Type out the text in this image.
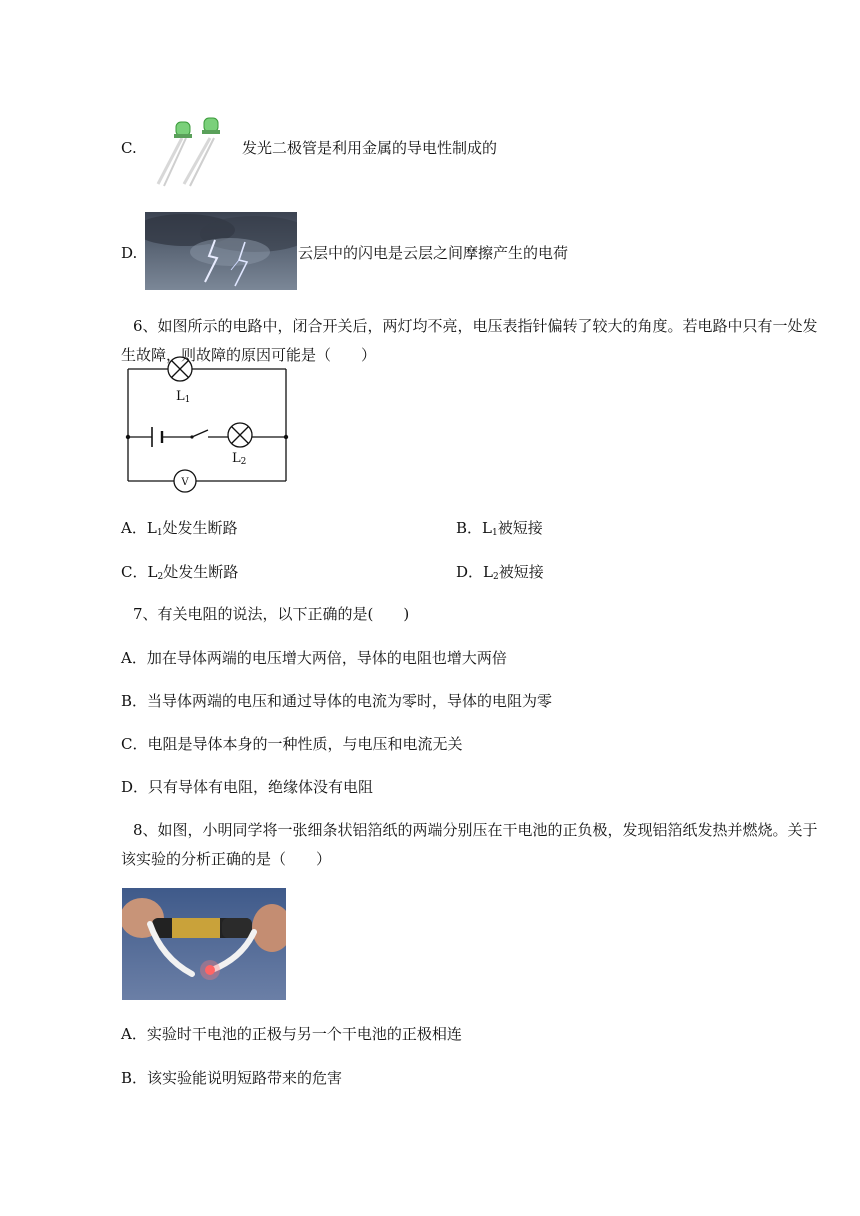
C.	发光二极管是利用金属的导电性制成的
D.	云层中的闪电是云层之间摩擦产生的电荷
6、如图所示的电路中，闭合开关后，两灯均不亮，电压表指针偏转了较大的角度。若电路中只有一处发生故障，则故障的原因可能是（　　）
L1
L2
V
A．$L_1$处发生断路	B．$L_1$被短接
C．$L_2$处发生断路	D．$L_2$被短接
7、有关电阻的说法，以下正确的是(　　)
A．加在导体两端的电压增大两倍，导体的电阻也增大两倍
B．当导体两端的电压和通过导体的电流为零时，导体的电阻为零
C．电阻是导体本身的一种性质，与电压和电流无关
D．只有导体有电阻，绝缘体没有电阻
8、如图，小明同学将一张细条状铝箔纸的两端分别压在干电池的正负极，发现铝箔纸发热并燃烧。关于该实验的分析正确的是（　　）
A．实验时干电池的正极与另一个干电池的正极相连
B．该实验能说明短路带来的危害
